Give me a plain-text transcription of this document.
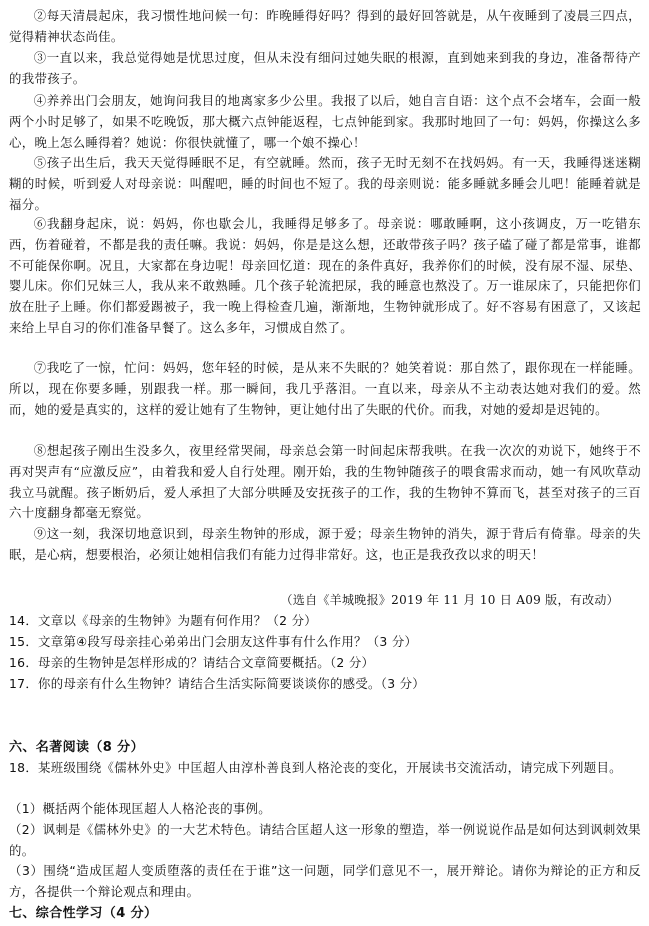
②每天清晨起床，我习惯性地问候一句：昨晚睡得好吗？得到的最好回答就是，从午夜睡到了凌晨三四点，觉得精神状态尚佳。

③一直以来，我总觉得她是忧思过度，但从未没有细问过她失眠的根源，直到她来到我的身边，准备帮待产的我带孩子。

④养养出门会朋友，她询问我目的地离家多少公里。我报了以后，她自言自语：这个点不会堵车，会面一般两个小时足够了，如果不吃晚饭，那大概六点钟能返程，七点钟能到家。我那时地回了一句：妈妈，你操这么多心，晚上怎么睡得着？她说：你很快就懂了，哪一个娘不操心！

⑤孩子出生后，我天天觉得睡眠不足，有空就睡。然而，孩子无时无刻不在找妈妈。有一天，我睡得迷迷糊糊的时候，听到爱人对母亲说：叫醒吧，睡的时间也不短了。我的母亲则说：能多睡就多睡会儿吧！能睡着就是福分。

⑥我翻身起床，说：妈妈，你也歇会儿，我睡得足够多了。母亲说：哪敢睡啊，这小孩调皮，万一吃错东西，伤着碰着，不都是我的责任嘛。我说：妈妈，你是是这么想，还敢带孩子吗？孩子磕了碰了都是常事，谁都不可能保你啊。况且，大家都在身边呢！母亲回忆道：现在的条件真好，我养你们的时候，没有尿不湿、尿垫、婴儿床。你们兄妹三人，我从来不敢熟睡。几个孩子轮流把尿，我的睡意也熬没了。万一谁尿床了，只能把你们放在肚子上睡。你们都爱踢被子，我一晚上得检查几遍，渐渐地，生物钟就形成了。好不容易有困意了，又该起来给上早自习的你们准备早餐了。这么多年，习惯成自然了。

⑦我吃了一惊，忙问：妈妈，您年轻的时候，是从来不失眠的？她笑着说：那自然了，跟你现在一样能睡。所以，现在你要多睡，别跟我一样。那一瞬间，我几乎落泪。一直以来，母亲从不主动表达她对我们的爱。然而，她的爱是真实的，这样的爱让她有了生物钟，更让她付出了失眠的代价。而我，对她的爱却是迟钝的。

⑧想起孩子刚出生没多久，夜里经常哭闹，母亲总会第一时间起床帮我哄。在我一次次的劝说下，她终于不再对哭声有“应激反应”，由着我和爱人自行处理。刚开始，我的生物钟随孩子的喂食需求而动，她一有风吹草动我立马就醒。孩子断奶后，爱人承担了大部分哄睡及安抚孩子的工作，我的生物钟不算而飞，甚至对孩子的三百六十度翻身都毫无察觉。

⑨这一刻，我深切地意识到，母亲生物钟的形成，源于爱；母亲生物钟的消失，源于背后有倚靠。母亲的失眠，是心病，想要根治，必须让她相信我们有能力过得非常好。这，也正是我孜孜以求的明天！

（选自《羊城晚报》2019 年 11 月 10 日 A09 版，有改动）

14．文章以《母亲的生物钟》为题有何作用？（2 分）

15．文章第④段写母亲挂心弟弟出门会朋友这件事有什么作用？（3 分）

16．母亲的生物钟是怎样形成的？请结合文章简要概括。（2 分）

17．你的母亲有什么生物钟？请结合生活实际简要谈谈你的感受。（3 分）

六、名著阅读（8 分）

18．某班级围绕《儒林外史》中匡超人由淳朴善良到人格沦丧的变化，开展读书交流活动，请完成下列题目。

（1）概括两个能体现匡超人人格沦丧的事例。

（2）讽刺是《儒林外史》的一大艺术特色。请结合匡超人这一形象的塑造，举一例说说作品是如何达到讽刺效果的。

（3）围绕“造成匡超人变质堕落的责任在于谁”这一问题，同学们意见不一，展开辩论。请你为辩论的正方和反方，各提供一个辩论观点和理由。

七、综合性学习（4 分）
